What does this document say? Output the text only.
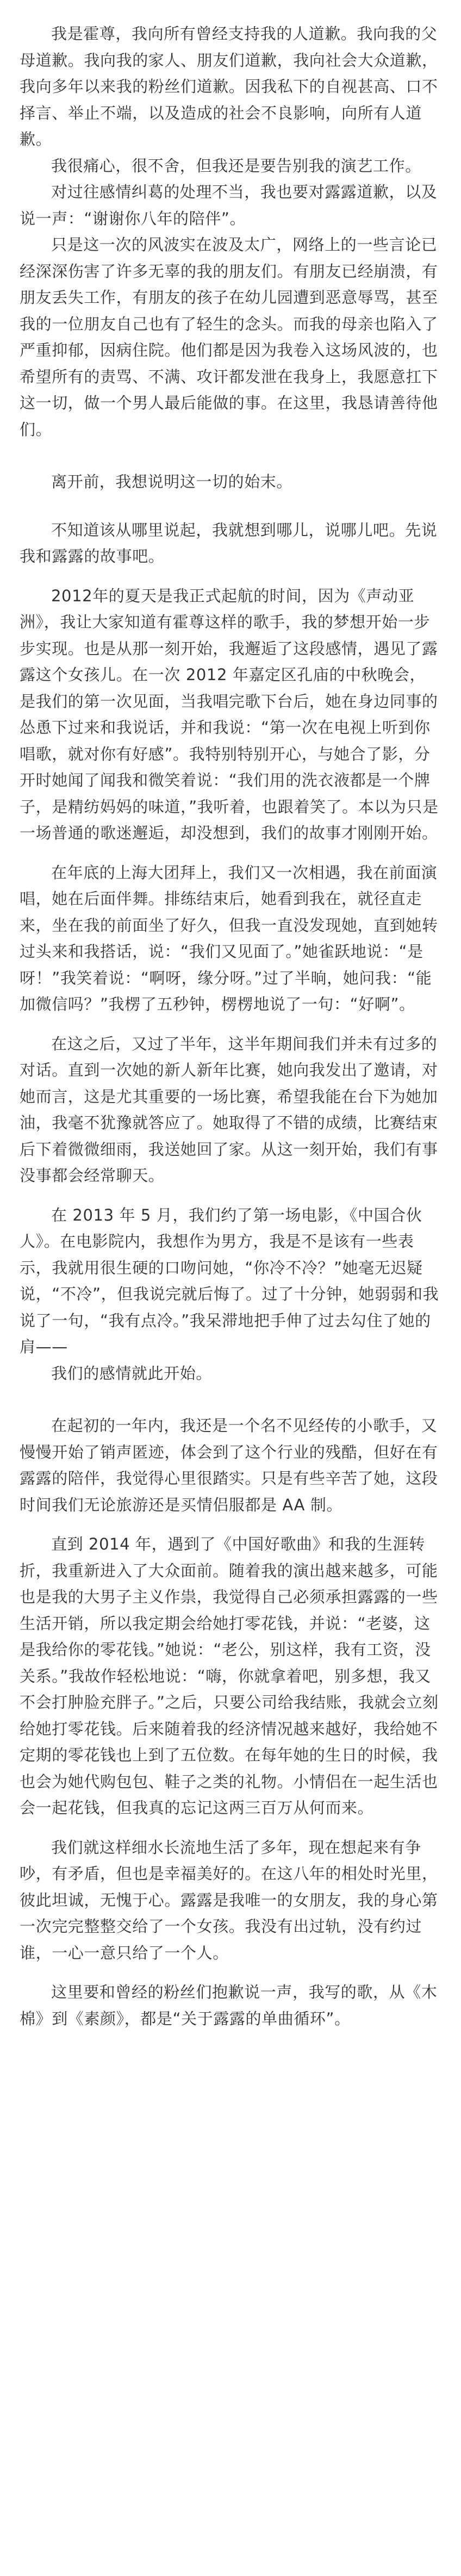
我是霍尊，我向所有曾经支持我的人道歉。我向我的父母道歉。我向我的家人、朋友们道歉，我向社会大众道歉，我向多年以来我的粉丝们道歉。因我私下的自视甚高、口不择言、举止不端，以及造成的社会不良影响，向所有人道歉。

我很痛心，很不舍，但我还是要告别我的演艺工作。

对过往感情纠葛的处理不当，我也要对露露道歉，以及说一声：“谢谢你八年的陪伴”。

只是这一次的风波实在波及太广，网络上的一些言论已经深深伤害了许多无辜的我的朋友们。有朋友已经崩溃，有朋友丢失工作，有朋友的孩子在幼儿园遭到恶意辱骂，甚至我的一位朋友自己也有了轻生的念头。而我的母亲也陷入了严重抑郁，因病住院。他们都是因为我卷入这场风波的，也希望所有的责骂、不满、攻讦都发泄在我身上，我愿意扛下这一切，做一个男人最后能做的事。在这里，我恳请善待他们。

离开前，我想说明这一切的始末。

不知道该从哪里说起，我就想到哪儿，说哪儿吧。先说我和露露的故事吧。

2012年的夏天是我正式起航的时间，因为《声动亚洲》，我让大家知道有霍尊这样的歌手，我的梦想开始一步步实现。也是从那一刻开始，我邂逅了这段感情，遇见了露露这个女孩儿。在一次 2012 年嘉定区孔庙的中秋晚会，是我们的第一次见面，当我唱完歌下台后，她在身边同事的怂恿下过来和我说话，并和我说：“第一次在电视上听到你唱歌，就对你有好感”。我特别特别开心，与她合了影，分开时她闻了闻我和微笑着说：“我们用的洗衣液都是一个牌子，是精纺妈妈的味道，”我听着，也跟着笑了。本以为只是一场普通的歌迷邂逅，却没想到，我们的故事才刚刚开始。

在年底的上海大团拜上，我们又一次相遇，我在前面演唱，她在后面伴舞。排练结束后，她看到我在，就径直走来，坐在我的前面坐了好久，但我一直没发现她，直到她转过头来和我搭话，说：“我们又见面了。”她雀跃地说：“是呀！”我笑着说：“啊呀，缘分呀。”过了半晌，她问我：“能加微信吗？”我楞了五秒钟，楞楞地说了一句：“好啊”。

在这之后，又过了半年，这半年期间我们并未有过多的对话。直到一次她的新人新年比赛，她向我发出了邀请，对她而言，这是尤其重要的一场比赛，希望我能在台下为她加油，我毫不犹豫就答应了。她取得了不错的成绩，比赛结束后下着微微细雨，我送她回了家。从这一刻开始，我们有事没事都会经常聊天。

在 2013 年 5 月，我们约了第一场电影，《中国合伙人》。在电影院内，我想作为男方，我是不是该有一些表示，我就用很生硬的口吻问她，“你冷不冷？”她毫无迟疑说，“不冷”，但我说完就后悔了。过了十分钟，她弱弱和我说了一句，“我有点冷。”我呆滞地把手伸了过去勾住了她的肩——

我们的感情就此开始。

在起初的一年内，我还是一个名不见经传的小歌手，又慢慢开始了销声匿迹，体会到了这个行业的残酷，但好在有露露的陪伴，我觉得心里很踏实。只是有些辛苦了她，这段时间我们无论旅游还是买情侣服都是 AA 制。

直到 2014 年，遇到了《中国好歌曲》和我的生涯转折，我重新进入了大众面前。随着我的演出越来越多，可能也是我的大男子主义作祟，我觉得自己必须承担露露的一些生活开销，所以我定期会给她打零花钱，并说：“老婆，这是我给你的零花钱。”她说：“老公，别这样，我有工资，没关系。”我故作轻松地说：“嗨，你就拿着吧，别多想，我又不会打肿脸充胖子。”之后，只要公司给我结账，我就会立刻给她打零花钱。后来随着我的经济情况越来越好，我给她不定期的零花钱也上到了五位数。在每年她的生日的时候，我也会为她代购包包、鞋子之类的礼物。小情侣在一起生活也会一起花钱，但我真的忘记这两三百万从何而来。

我们就这样细水长流地生活了多年，现在想起来有争吵，有矛盾，但也是幸福美好的。在这八年的相处时光里，彼此坦诚，无愧于心。露露是我唯一的女朋友，我的身心第一次完完整整交给了一个女孩。我没有出过轨，没有约过谁，一心一意只给了一个人。

这里要和曾经的粉丝们抱歉说一声，我写的歌，从《木棉》到《素颜》，都是“关于露露的单曲循环”。
